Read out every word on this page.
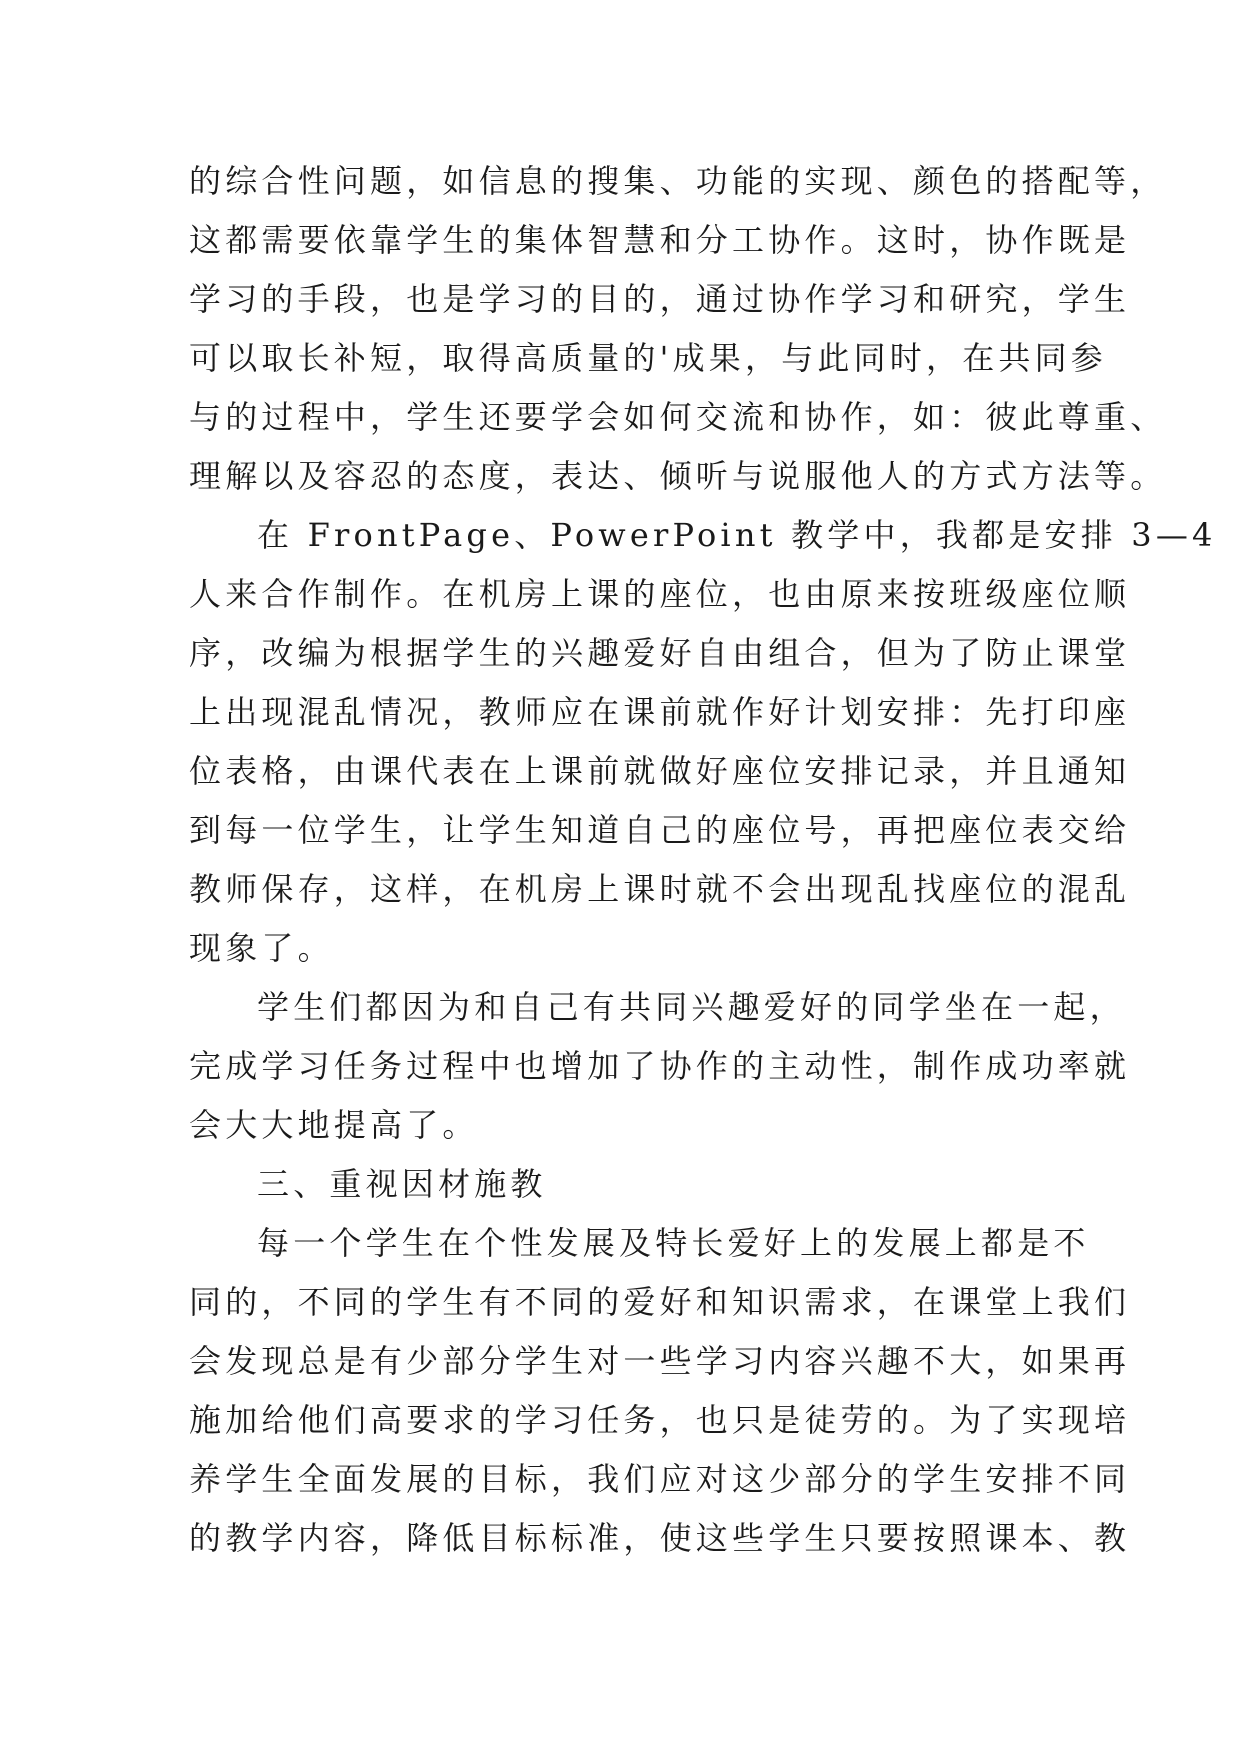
的综合性问题，如信息的搜集、功能的实现、颜色的搭配等，
这都需要依靠学生的集体智慧和分工协作。这时，协作既是
学习的手段，也是学习的目的，通过协作学习和研究，学生
可以取长补短，取得高质量的'成果，与此同时，在共同参
与的过程中，学生还要学会如何交流和协作，如：彼此尊重、
理解以及容忍的态度，表达、倾听与说服他人的方式方法等。
在 FrontPage、PowerPoint 教学中，我都是安排 3—4
人来合作制作。在机房上课的座位，也由原来按班级座位顺
序，改编为根据学生的兴趣爱好自由组合，但为了防止课堂
上出现混乱情况，教师应在课前就作好计划安排：先打印座
位表格，由课代表在上课前就做好座位安排记录，并且通知
到每一位学生，让学生知道自己的座位号，再把座位表交给
教师保存，这样，在机房上课时就不会出现乱找座位的混乱
现象了。
学生们都因为和自己有共同兴趣爱好的同学坐在一起，
完成学习任务过程中也增加了协作的主动性，制作成功率就
会大大地提高了。
三、重视因材施教
每一个学生在个性发展及特长爱好上的发展上都是不
同的，不同的学生有不同的爱好和知识需求，在课堂上我们
会发现总是有少部分学生对一些学习内容兴趣不大，如果再
施加给他们高要求的学习任务，也只是徒劳的。为了实现培
养学生全面发展的目标，我们应对这少部分的学生安排不同
的教学内容，降低目标标准，使这些学生只要按照课本、教
